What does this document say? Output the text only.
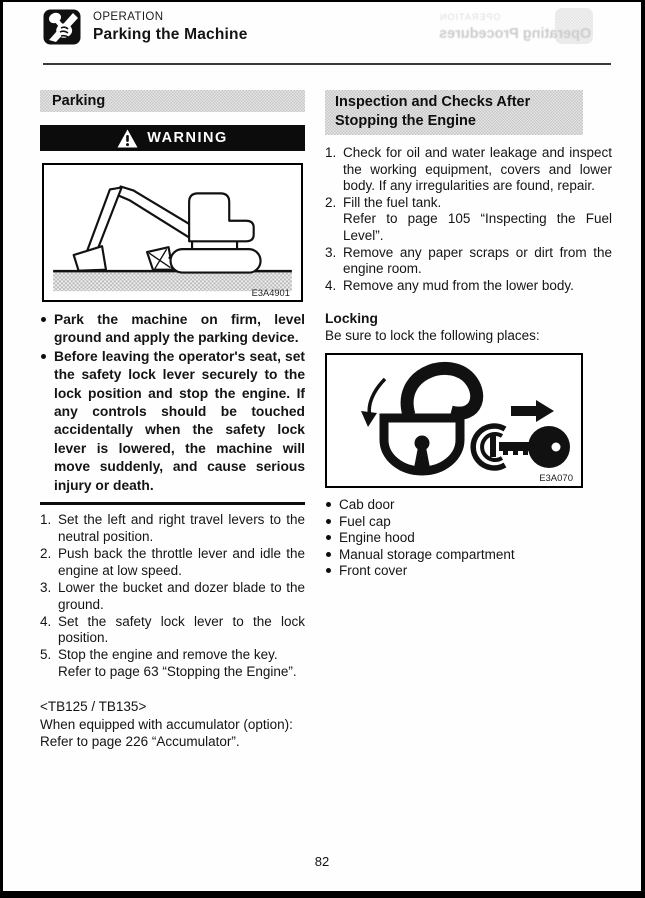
OPERATION
Operating Procedures
OPERATION
Parking the Machine
Parking
WARNING
E3A4901
Park the machine on firm, level ground and apply the parking device.
Before leaving the operator's seat, set the safety lock lever securely to the lock position and stop the engine. If any controls should be touched accidentally when the safety lock lever is lowered, the machine will move suddenly, and cause serious injury or death.
1. Set the left and right travel levers to the neutral position.
2. Push back the throttle lever and idle the engine at low speed.
3. Lower the bucket and dozer blade to the ground.
4. Set the safety lock lever to the lock position.
5. Stop the engine and remove the key.
Refer to page 63 “Stopping the Engine”.
<TB125 / TB135>
When equipped with accumulator (option):
Refer to page 226 “Accumulator”.
Inspection and Checks After
Stopping the Engine
1. Check for oil and water leakage and inspect the working equipment, covers and lower body. If any irregularities are found, repair.
2. Fill the fuel tank.
Refer to page 105 “Inspecting the Fuel Level”.
3. Remove any paper scraps or dirt from the engine room.
4. Remove any mud from the lower body.
Locking
Be sure to lock the following places:
E3A070
Cab door
Fuel cap
Engine hood
Manual storage compartment
Front cover
82
